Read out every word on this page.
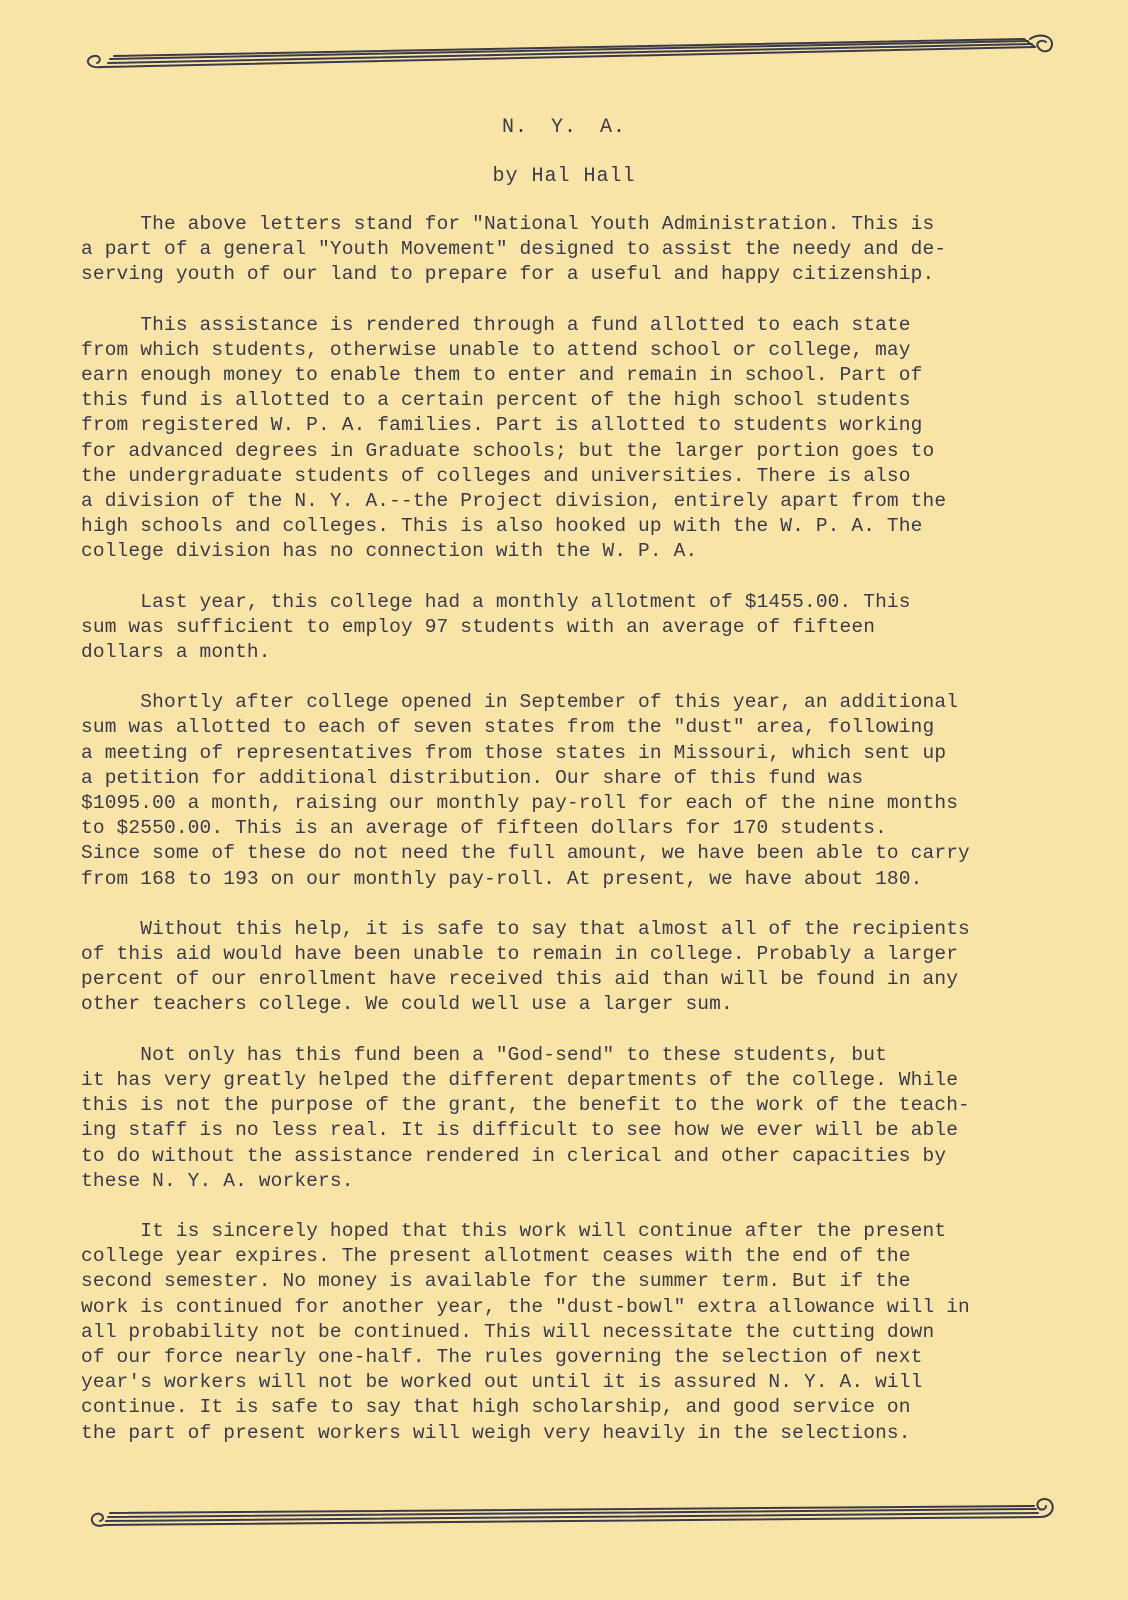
N. Y. A.
by Hal Hall

The above letters stand for "National Youth Administration. This is
a part of a general "Youth Movement" designed to assist the needy and de-
serving youth of our land to prepare for a useful and happy citizenship.

This assistance is rendered through a fund allotted to each state
from which students, otherwise unable to attend school or college, may
earn enough money to enable them to enter and remain in school. Part of
this fund is allotted to a certain percent of the high school students
from registered W. P. A. families. Part is allotted to students working
for advanced degrees in Graduate schools; but the larger portion goes to
the undergraduate students of colleges and universities. There is also
a division of the N. Y. A.--the Project division, entirely apart from the
high schools and colleges. This is also hooked up with the W. P. A. The
college division has no connection with the W. P. A.

Last year, this college had a monthly allotment of $1455.00. This
sum was sufficient to employ 97 students with an average of fifteen
dollars a month.

Shortly after college opened in September of this year, an additional
sum was allotted to each of seven states from the "dust" area, following
a meeting of representatives from those states in Missouri, which sent up
a petition for additional distribution. Our share of this fund was
$1095.00 a month, raising our monthly pay-roll for each of the nine months
to $2550.00. This is an average of fifteen dollars for 170 students.
Since some of these do not need the full amount, we have been able to carry
from 168 to 193 on our monthly pay-roll. At present, we have about 180.

Without this help, it is safe to say that almost all of the recipients
of this aid would have been unable to remain in college. Probably a larger
percent of our enrollment have received this aid than will be found in any
other teachers college. We could well use a larger sum.

Not only has this fund been a "God-send" to these students, but
it has very greatly helped the different departments of the college. While
this is not the purpose of the grant, the benefit to the work of the teach-
ing staff is no less real. It is difficult to see how we ever will be able
to do without the assistance rendered in clerical and other capacities by
these N. Y. A. workers.

It is sincerely hoped that this work will continue after the present
college year expires. The present allotment ceases with the end of the
second semester. No money is available for the summer term. But if the
work is continued for another year, the "dust-bowl" extra allowance will in
all probability not be continued. This will necessitate the cutting down
of our force nearly one-half. The rules governing the selection of next
year's workers will not be worked out until it is assured N. Y. A. will
continue. It is safe to say that high scholarship, and good service on
the part of present workers will weigh very heavily in the selections.
